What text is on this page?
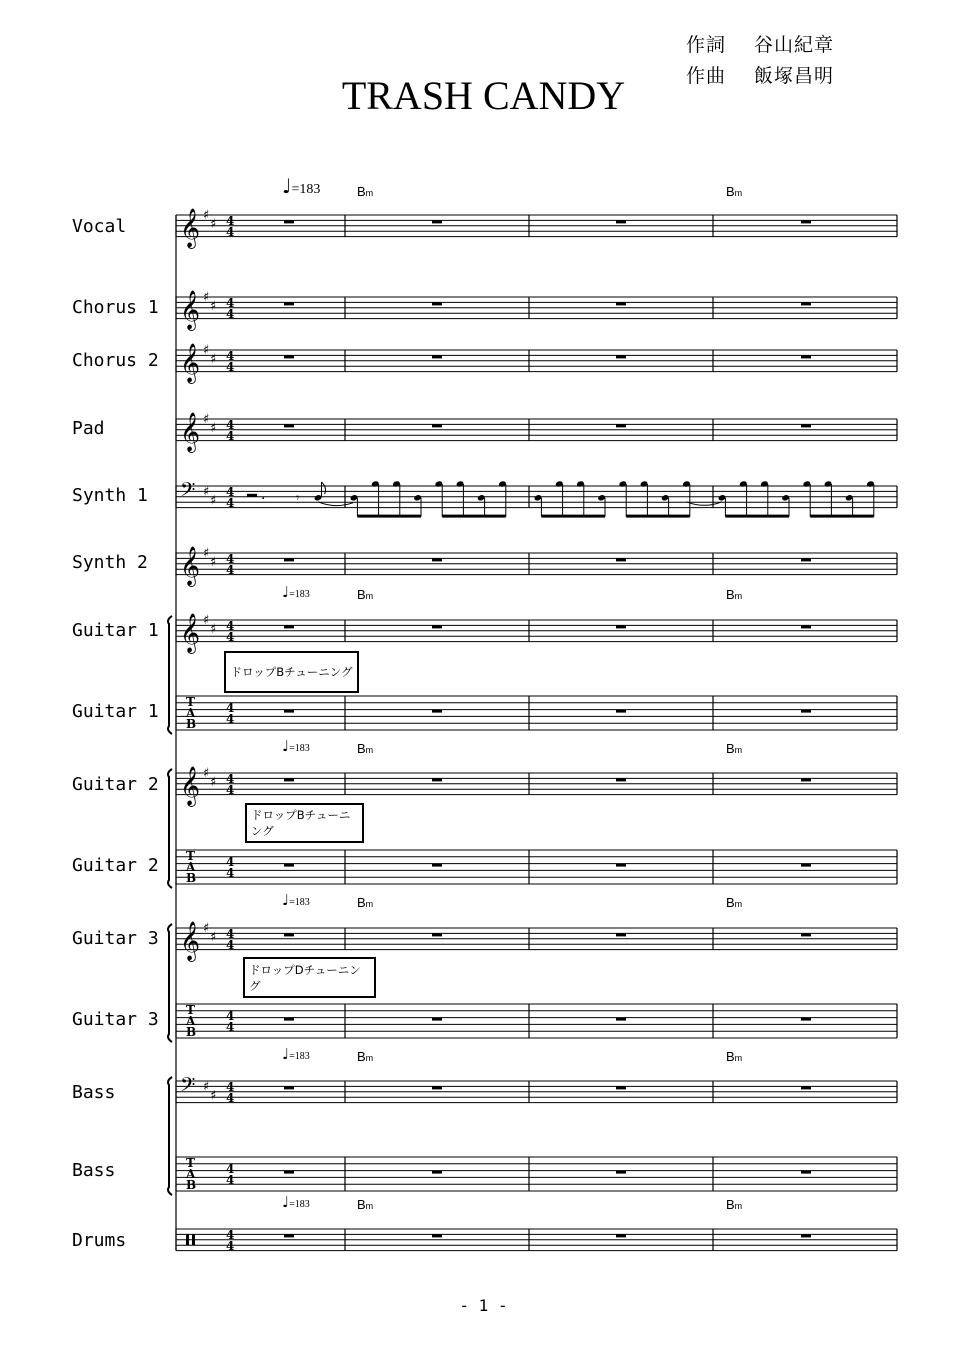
TRASH CANDY
作詞 谷山紀章
作曲 飯塚昌明
Vocal
Chorus 1
Chorus 2
Pad
Synth 1
Synth 2
Guitar 1
Guitar 1
Guitar 2
Guitar 2
Guitar 3
Guitar 3
Bass
Bass
Drums
♩=183
♩=183
♩=183
♩=183
♩=183
♩=183
Bm	Bm
Bm	Bm
Bm	Bm
Bm	Bm
Bm	Bm
Bm	Bm
ドロップBチューニング
ドロップBチューニング
ドロップDチューニング
𝄞 ♯
♯ 4
4
𝄞 ♯
♯ 4
4
𝄞 ♯
♯ 4
4
𝄞 ♯
♯ 4
4
𝄢 ♯
♯
4
4
𝄞 ♯
♯ 4
4
𝄞 ♯
♯ 4
4
T
A
B
4
4
𝄞 ♯
♯ 4
4
T
A
B
4
4
𝄞 ♯
♯ 4
4
T
A
B
4
4
𝄢 ♯
♯
4
4
T
A
B
4
4
4
4
. 𝄾
- 1 -
